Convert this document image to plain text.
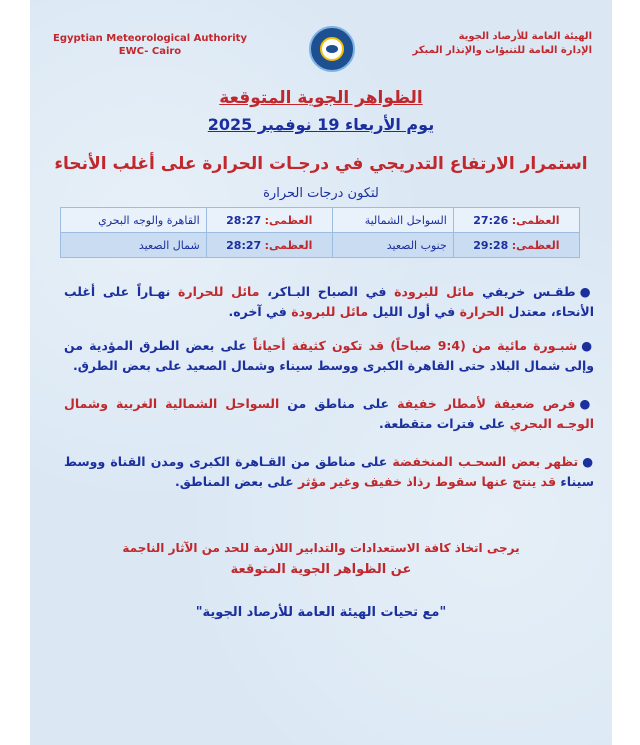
Egyptian Meteorological Authority
EWC- Cairo
الهيئة العامة للأرصاد الجوية
الإدارة العامة للتنبؤات والإنذار المبكر
الظواهر الجوية المتوقعة
يوم الأربعاء 19 نوفمبر 2025
استمرار الارتفاع التدريجي في درجـات الحرارة على أغلب الأنحاء
لتكون درجات الحرارة
القاهرة والوجه البحري	العظمى: 28:27	السواحل الشمالية	العظمى: 27:26
شمال الصعيد	العظمى: 28:27	جنوب الصعيد	العظمى: 29:28
●طقـس خريفي مائل للبرودة في الصباح البـاكر، مائل للحرارة نهـاراً على أغلب الأنحاء، معتدل الحرارة في أول الليل مائل للبرودة في آخره.
●شبـورة مائية من (9:4 صباحاً) قد تكون كثيفة أحياناً على بعض الطرق المؤدية من وإلى شمال البلاد حتى القاهرة الكبرى ووسط سيناء وشمال الصعيد على بعض الطرق.
●فرص ضعيفة لأمطار خفيفة على مناطق من السواحل الشمالية الغربية وشمال الوجـه البحري على فترات متقطعة.
●تظهر بعض السحـب المنخفضة على مناطق من القـاهرة الكبرى ومدن القناة ووسط سيناء قد ينتج عنها سقوط رذاذ خفيف وغير مؤثر على بعض المناطق.
يرجى اتخاذ كافة الاستعدادات والتدابير اللازمة للحد من الآثار الناجمة
عن الظواهر الجوية المتوقعة
"مع تحيات الهيئة العامة للأرصاد الجوية"
